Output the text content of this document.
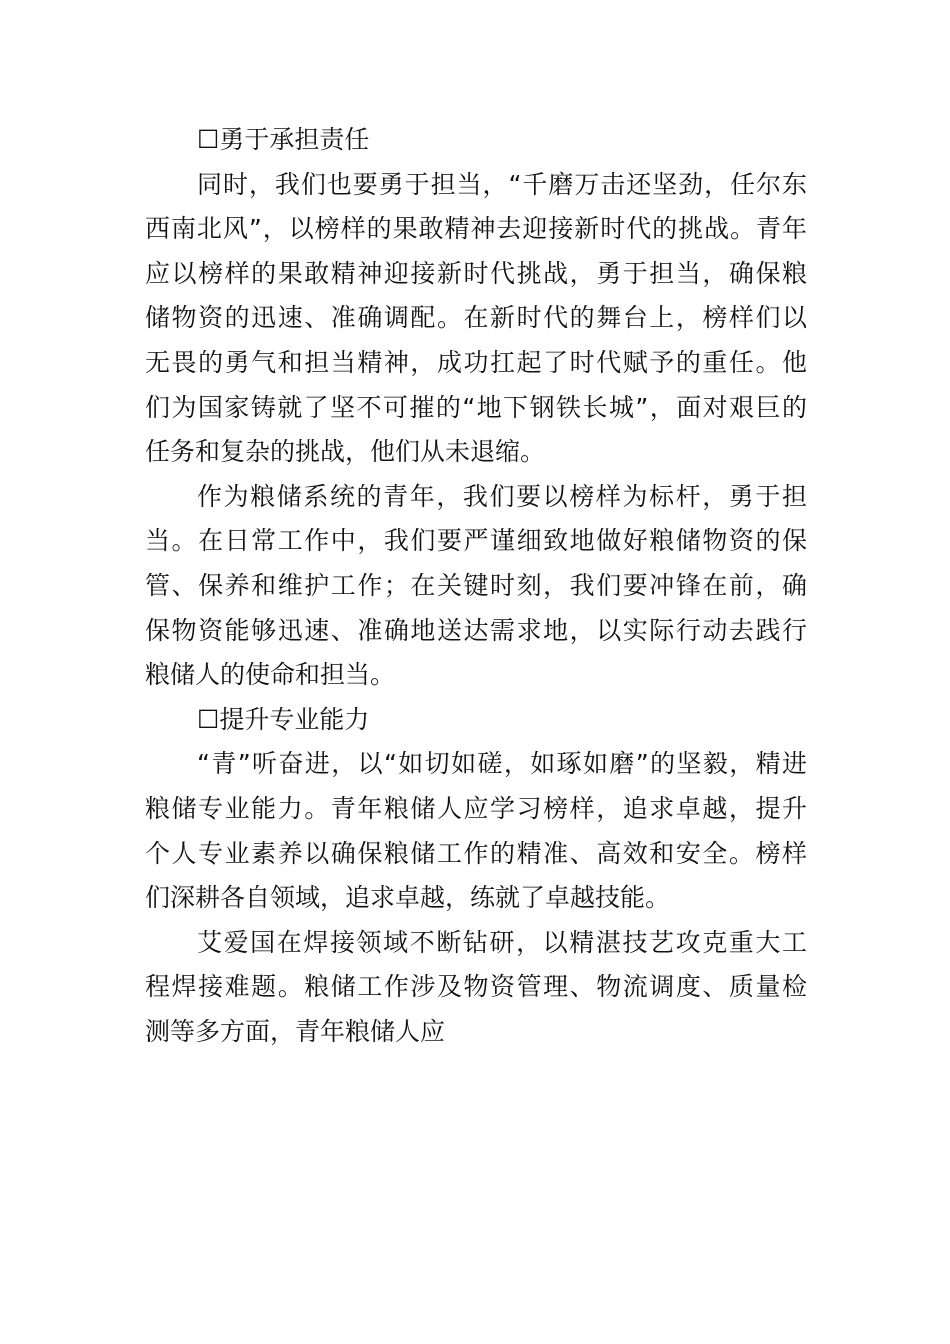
☐勇于承担责任
同时，我们也要勇于担当，“千磨万击还坚劲，任尔东
西南北风”，以榜样的果敢精神去迎接新时代的挑战。青年
应以榜样的果敢精神迎接新时代挑战，勇于担当，确保粮
储物资的迅速、准确调配。在新时代的舞台上，榜样们以
无畏的勇气和担当精神，成功扛起了时代赋予的重任。他
们为国家铸就了坚不可摧的“地下钢铁长城”，面对艰巨的
任务和复杂的挑战，他们从未退缩。
作为粮储系统的青年，我们要以榜样为标杆，勇于担
当。在日常工作中，我们要严谨细致地做好粮储物资的保
管、保养和维护工作；在关键时刻，我们要冲锋在前，确
保物资能够迅速、准确地送达需求地，以实际行动去践行
粮储人的使命和担当。
☐提升专业能力
“青”听奋进，以“如切如磋，如琢如磨”的坚毅，精进
粮储专业能力。青年粮储人应学习榜样，追求卓越，提升
个人专业素养以确保粮储工作的精准、高效和安全。榜样
们深耕各自领域，追求卓越，练就了卓越技能。
艾爱国在焊接领域不断钻研，以精湛技艺攻克重大工
程焊接难题。粮储工作涉及物资管理、物流调度、质量检
测等多方面，青年粮储人应
